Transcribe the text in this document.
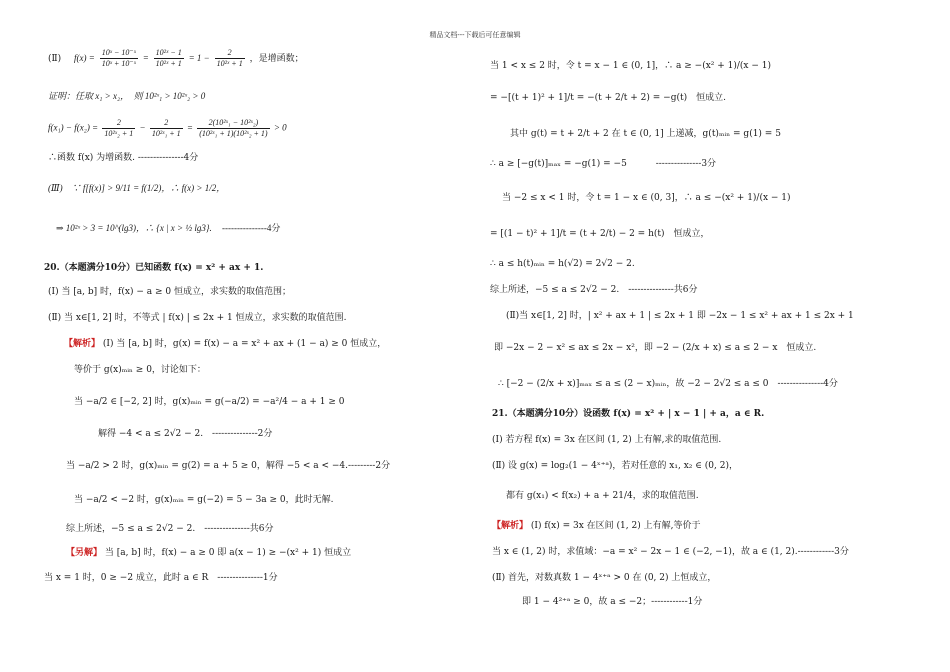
精品文档---下载后可任意编辑
(Ⅱ) $f(x) = \frac{\text{10ˣ − 10⁻ˣ}}{\text{10ˣ + 10⁻ˣ}} = \frac{\text{10²ˣ − 1}}{\text{10²ˣ + 1}} = 1 - \frac{2}{\text{10²ˣ + 1}}$ ，是增函数；
证明：任取 x₁ > x₂，　则 10²ˣ₁ > 10²ˣ₂ > 0
$f(x_1) - f(x_2) = \frac{2}{\text{10²ˣ₂ + 1}} - \frac{2}{\text{10²ˣ₁ + 1}} = \frac{\text{2(10²ˣ₁ − 10²ˣ₂)}}{\text{(10²ˣ₁ + 1)(10²ˣ₂ + 1)}} > 0$
∴函数 f(x) 为增函数. ---------------4分
(Ⅲ)　∵ f[f(x)] > 9/11 = f(1/2)，∴ f(x) > 1/2，
⇒ 10²ˣ > 3 = 10^(lg3)，∴ {x | x > ½ lg3}. ---------------4分
20.（本题满分10分）已知函数 f(x) = x² + ax + 1.
(Ⅰ) 当 [a, b] 时，f(x) − a ≥ 0 恒成立，求实数的取值范围；
(Ⅱ) 当 x∈[1, 2] 时，不等式 | f(x) | ≤ 2x + 1 恒成立，求实数的取值范围.
【解析】 (Ⅰ) 当 [a, b] 时，g(x) = f(x) − a = x² + ax + (1 − a) ≥ 0 恒成立，
等价于 g(x)ₘᵢₙ ≥ 0，讨论如下：
当 −a/2 ∈ [−2, 2] 时，g(x)ₘᵢₙ = g(−a/2) = −a²/4 − a + 1 ≥ 0
解得 −4 < a ≤ 2√2 − 2.　---------------2分
当 −a/2 > 2 时，g(x)ₘᵢₙ = g(2) = a + 5 ≥ 0，解得 −5 < a < −4.---------2分
当 −a/2 < −2 时，g(x)ₘᵢₙ = g(−2) = 5 − 3a ≥ 0，此时无解.
综上所述，−5 ≤ a ≤ 2√2 − 2.　---------------共6分
【另解】 当 [a, b] 时，f(x) − a ≥ 0 即 a(x − 1) ≥ −(x² + 1) 恒成立
当 x = 1 时，0 ≥ −2 成立，此时 a ∈ R　---------------1分
当 1 < x ≤ 2 时，令 t = x − 1 ∈ (0, 1]，∴ a ≥ −(x² + 1)/(x − 1)
= −[(t + 1)² + 1]/t = −(t + 2/t + 2) = −g(t)　恒成立.
其中 g(t) = t + 2/t + 2 在 t ∈ (0, 1] 上递减，g(t)ₘᵢₙ = g(1) = 5
∴ a ≥ [−g(t)]ₘₐₓ = −g(1) = −5	---------------3分
当 −2 ≤ x < 1 时，令 t = 1 − x ∈ (0, 3]，∴ a ≤ −(x² + 1)/(x − 1)
= [(1 − t)² + 1]/t = (t + 2/t) − 2 = h(t)　恒成立，
∴ a ≤ h(t)ₘᵢₙ = h(√2) = 2√2 − 2.
综上所述，−5 ≤ a ≤ 2√2 − 2.　---------------共6分
(Ⅱ)当 x∈[1, 2] 时，| x² + ax + 1 | ≤ 2x + 1 即 −2x − 1 ≤ x² + ax + 1 ≤ 2x + 1
即 −2x − 2 − x² ≤ ax ≤ 2x − x²，即 −2 − (2/x + x) ≤ a ≤ 2 − x　恒成立.
∴ [−2 − (2/x + x)]ₘₐₓ ≤ a ≤ (2 − x)ₘᵢₙ，故 −2 − 2√2 ≤ a ≤ 0　---------------4分
21.（本题满分10分）设函数 f(x) = x² + | x − 1 | + a，a ∈ R.
(Ⅰ) 若方程 f(x) = 3x 在区间 (1, 2) 上有解,求的取值范围.
(Ⅱ) 设 g(x) = log₂(1 − 4ˣ⁺ᵃ)，若对任意的 x₁, x₂ ∈ (0, 2)，
都有 g(x₁) < f(x₂) + a + 21/4，求的取值范围.
【解析】 (Ⅰ) f(x) = 3x 在区间 (1, 2) 上有解,等价于
当 x ∈ (1, 2) 时，求值域：−a = x² − 2x − 1 ∈ (−2, −1)，故 a ∈ (1, 2).------------3分
(Ⅱ) 首先，对数真数 1 − 4ˣ⁺ᵃ > 0 在 (0, 2) 上恒成立，
即 1 − 4²⁺ᵃ ≥ 0，故 a ≤ −2；------------1分
